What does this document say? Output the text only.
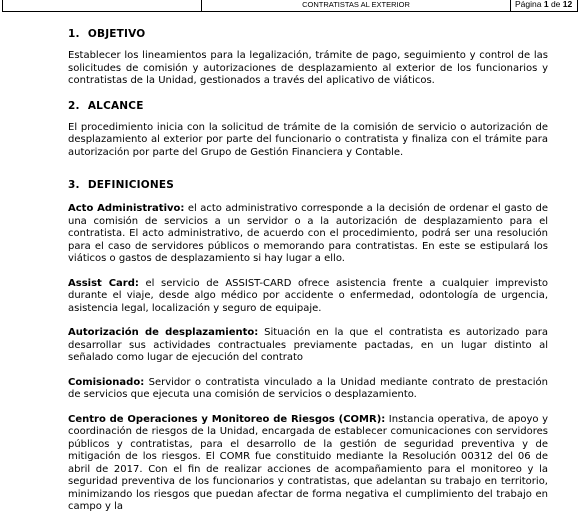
CONTRATISTAS AL EXTERIOR	Página 1 de 12
1. OBJETIVO

Establecer los lineamientos para la legalización, trámite de pago, seguimiento y control de las solicitudes de comisión y autorizaciones de desplazamiento al exterior de los funcionarios y contratistas de la Unidad, gestionados a través del aplicativo de viáticos.

2. ALCANCE

El procedimiento inicia con la solicitud de trámite de la comisión de servicio o autorización de desplazamiento al exterior por parte del funcionario o contratista y finaliza con el trámite para autorización por parte del Grupo de Gestión Financiera y Contable.

3. DEFINICIONES

Acto Administrativo: el acto administrativo corresponde a la decisión de ordenar el gasto de una comisión de servicios a un servidor o a la autorización de desplazamiento para el contratista. El acto administrativo, de acuerdo con el procedimiento, podrá ser una resolución para el caso de servidores públicos o memorando para contratistas. En este se estipulará los viáticos o gastos de desplazamiento si hay lugar a ello.

Assist Card: el servicio de ASSIST-CARD ofrece asistencia frente a cualquier imprevisto durante el viaje, desde algo médico por accidente o enfermedad, odontología de urgencia, asistencia legal, localización y seguro de equipaje.

Autorización de desplazamiento: Situación en la que el contratista es autorizado para desarrollar sus actividades contractuales previamente pactadas, en un lugar distinto al señalado como lugar de ejecución del contrato

Comisionado: Servidor o contratista vinculado a la Unidad mediante contrato de prestación de servicios que ejecuta una comisión de servicios o desplazamiento.

Centro de Operaciones y Monitoreo de Riesgos (COMR): Instancia operativa, de apoyo y coordinación de riesgos de la Unidad, encargada de establecer comunicaciones con servidores públicos y contratistas, para el desarrollo de la gestión de seguridad preventiva y de mitigación de los riesgos. El COMR fue constituido mediante la Resolución 00312 del 06 de abril de 2017. Con el fin de realizar acciones de acompañamiento para el monitoreo y la seguridad preventiva de los funcionarios y contratistas, que adelantan su trabajo en territorio, minimizando los riesgos que puedan afectar de forma negativa el cumplimiento del trabajo en campo y la
